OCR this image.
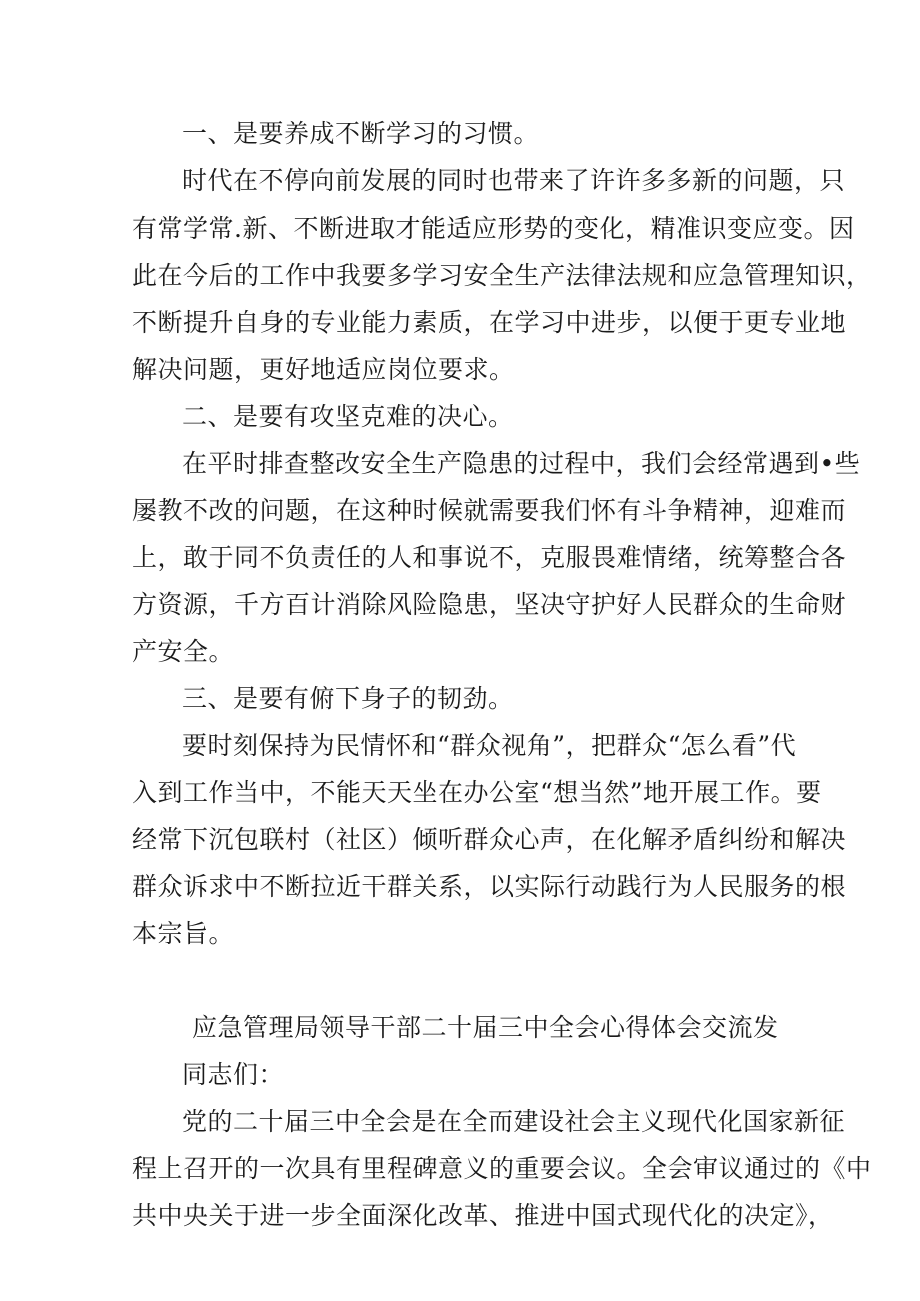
一、是要养成不断学习的习惯。
时代在不停向前发展的同时也带来了许许多多新的问题，只
有常学常.新、不断进取才能适应形势的变化，精准识变应变。因
此在今后的工作中我要多学习安全生产法律法规和应急管理知识，
不断提升自身的专业能力素质，在学习中进步，以便于更专业地
解决问题，更好地适应岗位要求。
二、是要有攻坚克难的决心。
在平时排查整改安全生产隐患的过程中，我们会经常遇到•些
屡教不改的问题，在这种时候就需要我们怀有斗争精神，迎难而
上，敢于同不负责任的人和事说不，克服畏难情绪，统筹整合各
方资源，千方百计消除风险隐患，坚决守护好人民群众的生命财
产安全。
三、是要有俯下身子的韧劲。
要时刻保持为民情怀和“群众视角”，把群众“怎么看”代
入到工作当中，不能天天坐在办公室“想当然”地开展工作。要
经常下沉包联村（社区）倾听群众心声，在化解矛盾纠纷和解决
群众诉求中不断拉近干群关系，以实际行动践行为人民服务的根
本宗旨。
应急管理局领导干部二十届三中全会心得体会交流发
同志们：
党的二十届三中全会是在全而建设社会主义现代化国家新征
程上召开的一次具有里程碑意义的重要会议。全会审议通过的《中
共中央关于进一步全面深化改革、推进中国式现代化的决定》，
